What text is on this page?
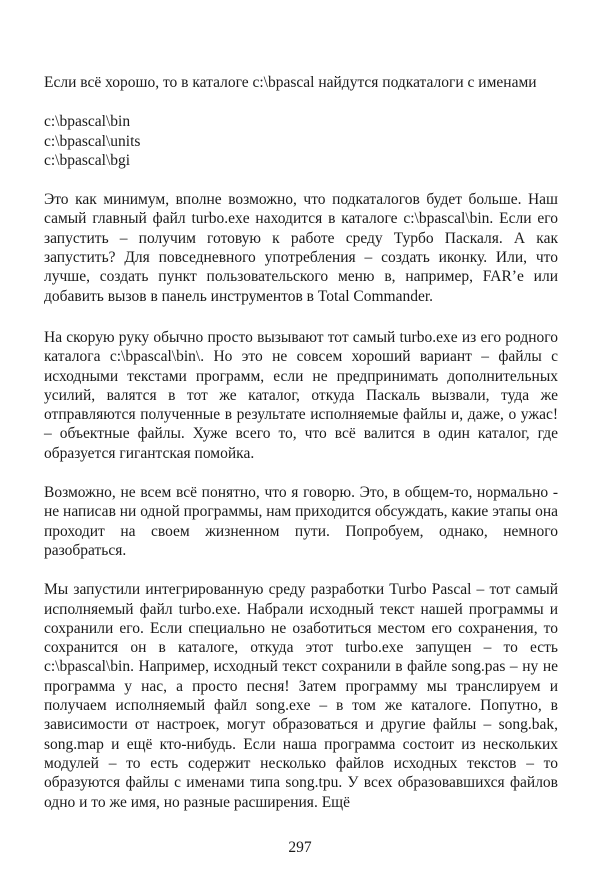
Если всё хорошо, то в каталоге c:\bpascal найдутся подкаталоги с именами

c:\bpascal\bin
c:\bpascal\units
c:\bpascal\bgi

Это как минимум, вполне возможно, что подкаталогов будет больше. Наш самый главный файл turbo.exe находится в каталоге c:\bpascal\bin. Если его запустить – получим готовую к работе среду Турбо Паскаля. А как запустить? Для повседневного употребления – создать иконку. Или, что лучше, создать пункт пользовательского меню в, например, FAR’е или добавить вызов в панель инструментов в Total Commander.

На скорую руку обычно просто вызывают тот самый turbo.exe из его родного каталога c:\bpascal\bin\. Но это не совсем хороший вариант – файлы с исходными текстами программ, если не предпринимать дополнительных усилий, валятся в тот же каталог, откуда Паскаль вызвали, туда же отправляются полученные в результате исполняемые файлы и, даже, о ужас! – объектные файлы. Хуже всего то, что всё валится в один каталог, где образуется гигантская помойка.

Возможно, не всем всё понятно, что я говорю. Это, в общем-то, нормально - не написав ни одной программы, нам приходится обсуждать, какие этапы она проходит на своем жизненном пути. Попробуем, однако, немного разобраться.

Мы запустили интегрированную среду разработки Turbo Pascal – тот самый исполняемый файл turbo.exe. Набрали исходный текст нашей программы и сохранили его. Если специально не озаботиться местом его сохранения, то сохранится он в каталоге, откуда этот turbo.exe запущен – то есть c:\bpascal\bin. Например, исходный текст сохранили в файле song.pas – ну не программа у нас, а просто песня! Затем программу мы транслируем и получаем исполняемый файл song.exe – в том же каталоге. Попутно, в зависимости от настроек, могут образоваться и другие файлы – song.bak, song.map и ещё кто-нибудь. Если наша программа состоит из нескольких модулей – то есть содержит несколько файлов исходных текстов – то образуются файлы с именами типа song.tpu. У всех образовавшихся файлов одно и то же имя, но разные расширения. Ещё

297
